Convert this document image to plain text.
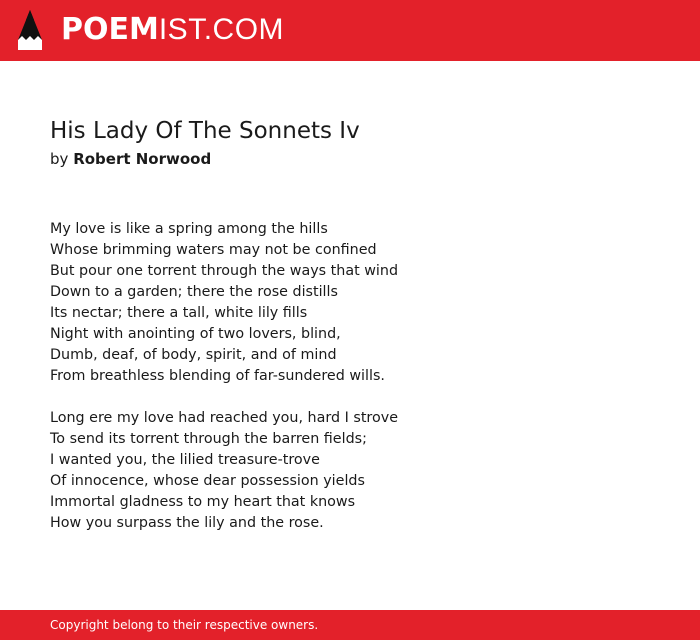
POEMIST.COM
His Lady Of The Sonnets Iv
by Robert Norwood
My love is like a spring among the hills
Whose brimming waters may not be confined
But pour one torrent through the ways that wind
Down to a garden; there the rose distills
Its nectar; there a tall, white lily fills
Night with anointing of two lovers, blind,
Dumb, deaf, of body, spirit, and of mind
From breathless blending of far-sundered wills.
Long ere my love had reached you, hard I strove
To send its torrent through the barren fields;
I wanted you, the lilied treasure-trove
Of innocence, whose dear possession yields
Immortal gladness to my heart that knows
How you surpass the lily and the rose.
Copyright belong to their respective owners.
